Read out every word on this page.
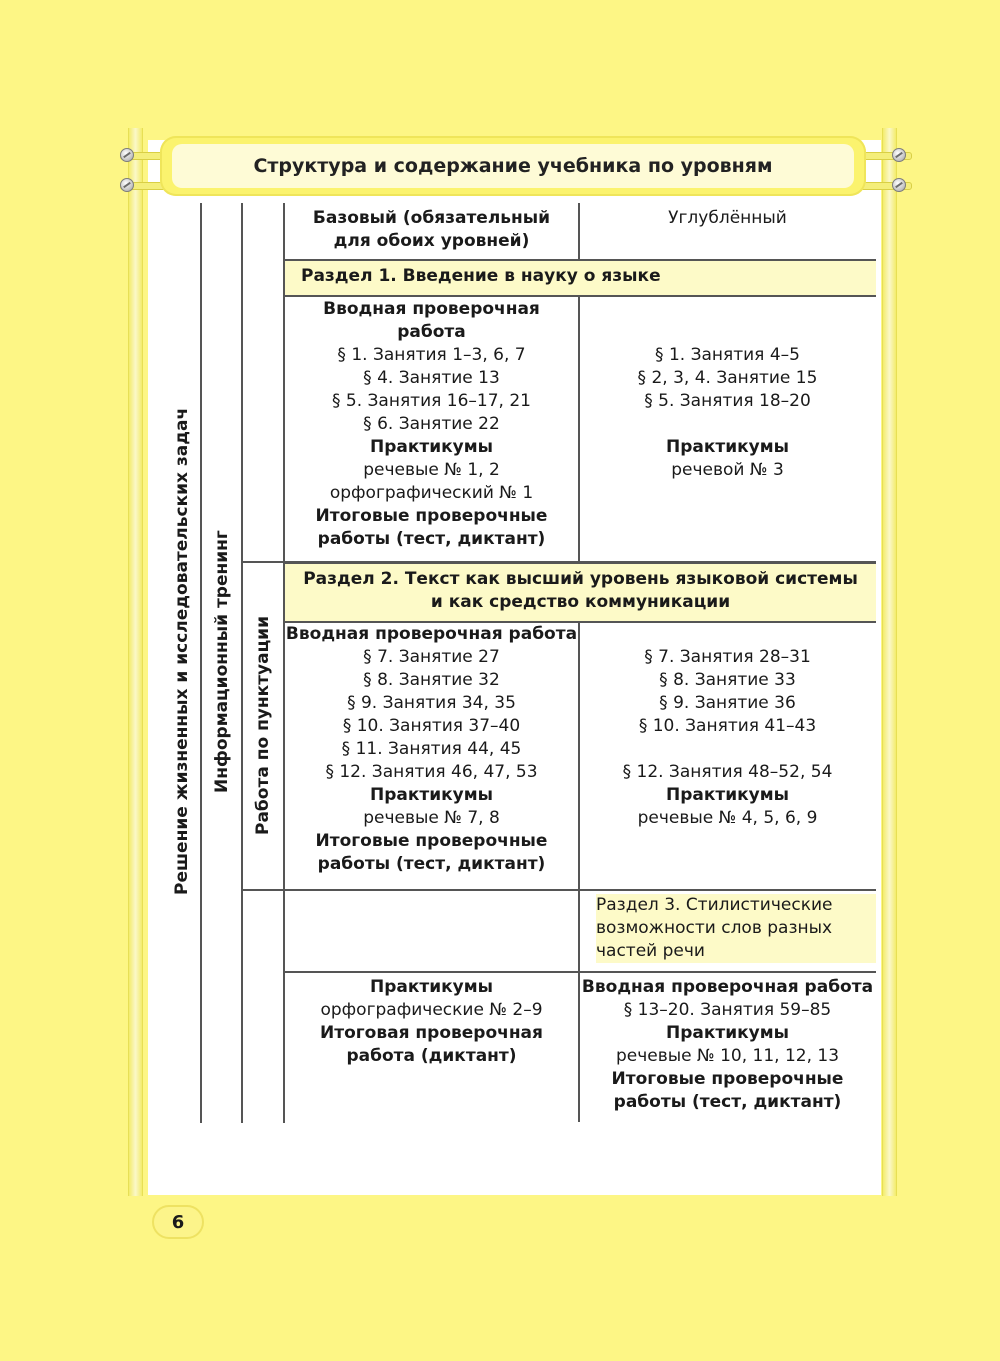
Структура и содержание учебника по уровням
Решение жизненных и исследовательских задач Информационный тренинг Работа по пунктуации
Базовый (обязательный
для обоих уровней)
Углублённый
Раздел 1. Введение в науку о языке
Вводная проверочная
работа
§ 1. Занятия 1–3, 6, 7
§ 4. Занятие 13
§ 5. Занятия 16–17, 21
§ 6. Занятие 22
Практикумы
речевые № 1, 2
орфографический № 1
Итоговые проверочные
работы (тест, диктант)
§ 1. Занятия 4–5
§ 2, 3, 4. Занятие 15
§ 5. Занятия 18–20

Практикумы
речевой № 3
Раздел 2. Текст как высший уровень языковой системы
и как средство коммуникации
Вводная проверочная работа
§ 7. Занятие 27
§ 8. Занятие 32
§ 9. Занятия 34, 35
§ 10. Занятия 37–40
§ 11. Занятия 44, 45
§ 12. Занятия 46, 47, 53
Практикумы
речевые № 7, 8
Итоговые проверочные
работы (тест, диктант)
§ 7. Занятия 28–31
§ 8. Занятие 33
§ 9. Занятие 36
§ 10. Занятия 41–43

§ 12. Занятия 48–52, 54
Практикумы
речевые № 4, 5, 6, 9
Раздел 3. Стилистические
возможности слов разных
частей речи
Практикумы
орфографические № 2–9
Итоговая проверочная
работа (диктант)
Вводная проверочная работа
§ 13–20. Занятия 59–85
Практикумы
речевые № 10, 11, 12, 13
Итоговые проверочные
работы (тест, диктант)
6
